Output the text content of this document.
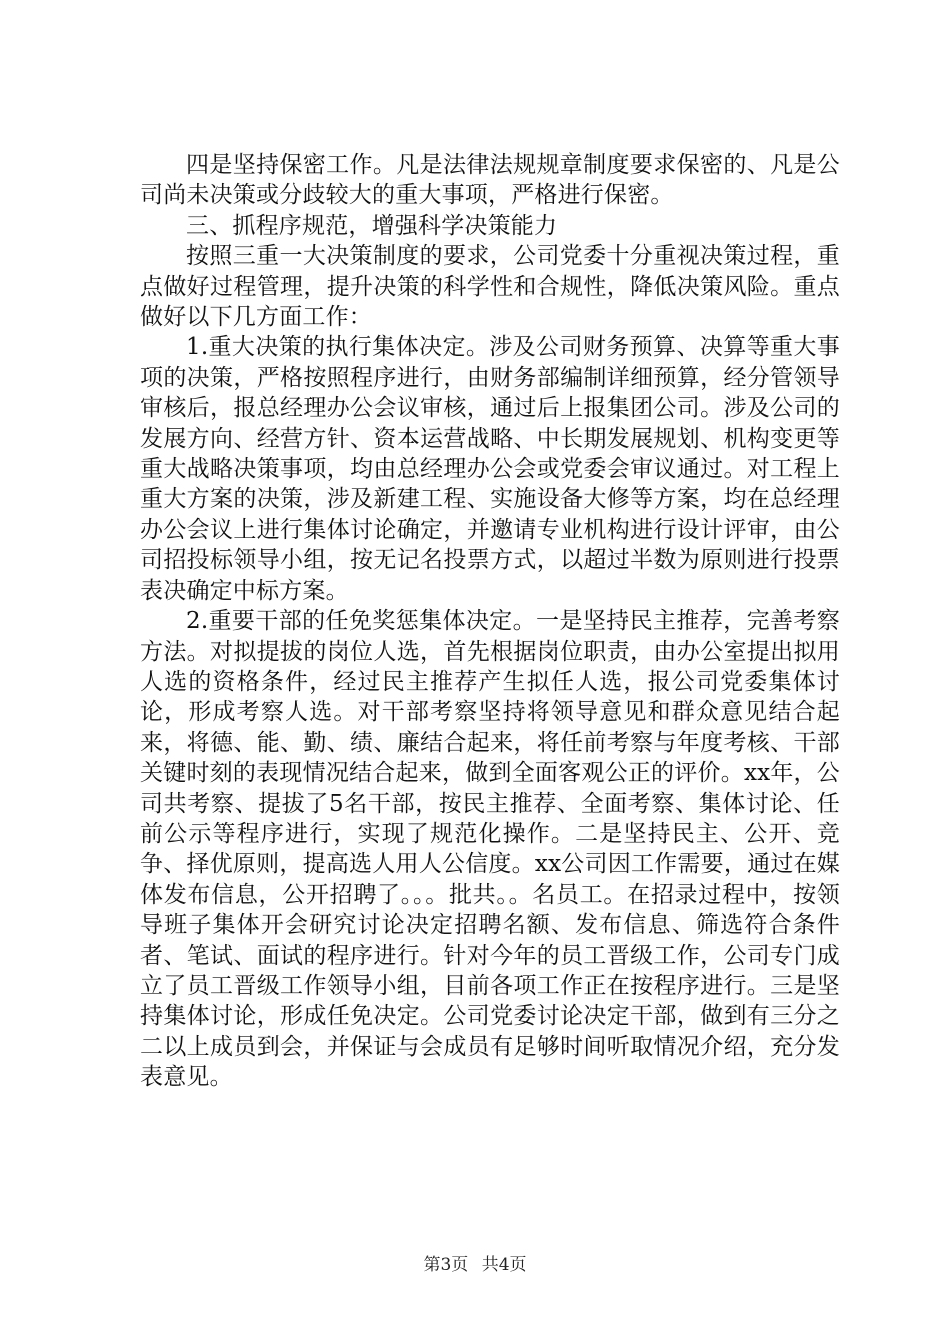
四是坚持保密工作。凡是法律法规规章制度要求保密的、凡是公司尚未决策或分歧较大的重大事项，严格进行保密。

三、抓程序规范，增强科学决策能力

按照三重一大决策制度的要求，公司党委十分重视决策过程，重点做好过程管理，提升决策的科学性和合规性，降低决策风险。重点做好以下几方面工作：

1.重大决策的执行集体决定。涉及公司财务预算、决算等重大事项的决策，严格按照程序进行，由财务部编制详细预算，经分管领导审核后，报总经理办公会议审核，通过后上报集团公司。涉及公司的发展方向、经营方针、资本运营战略、中长期发展规划、机构变更等重大战略决策事项，均由总经理办公会或党委会审议通过。对工程上重大方案的决策，涉及新建工程、实施设备大修等方案，均在总经理办公会议上进行集体讨论确定，并邀请专业机构进行设计评审，由公司招投标领导小组，按无记名投票方式，以超过半数为原则进行投票表决确定中标方案。

2.重要干部的任免奖惩集体决定。一是坚持民主推荐，完善考察方法。对拟提拔的岗位人选，首先根据岗位职责，由办公室提出拟用人选的资格条件，经过民主推荐产生拟任人选，报公司党委集体讨论，形成考察人选。对干部考察坚持将领导意见和群众意见结合起来，将德、能、勤、绩、廉结合起来，将任前考察与年度考核、干部关键时刻的表现情况结合起来，做到全面客观公正的评价。xx年，公司共考察、提拔了5名干部，按民主推荐、全面考察、集体讨论、任前公示等程序进行，实现了规范化操作。二是坚持民主、公开、竞争、择优原则，提高选人用人公信度。xx公司因工作需要，通过在媒体发布信息，公开招聘了。。。批共。。名员工。在招录过程中，按领导班子集体开会研究讨论决定招聘名额、发布信息、筛选符合条件者、笔试、面试的程序进行。针对今年的员工晋级工作，公司专门成立了员工晋级工作领导小组，目前各项工作正在按程序进行。三是坚持集体讨论，形成任免决定。公司党委讨论决定干部，做到有三分之二以上成员到会，并保证与会成员有足够时间听取情况介绍，充分发表意见。

第3页 共4页
